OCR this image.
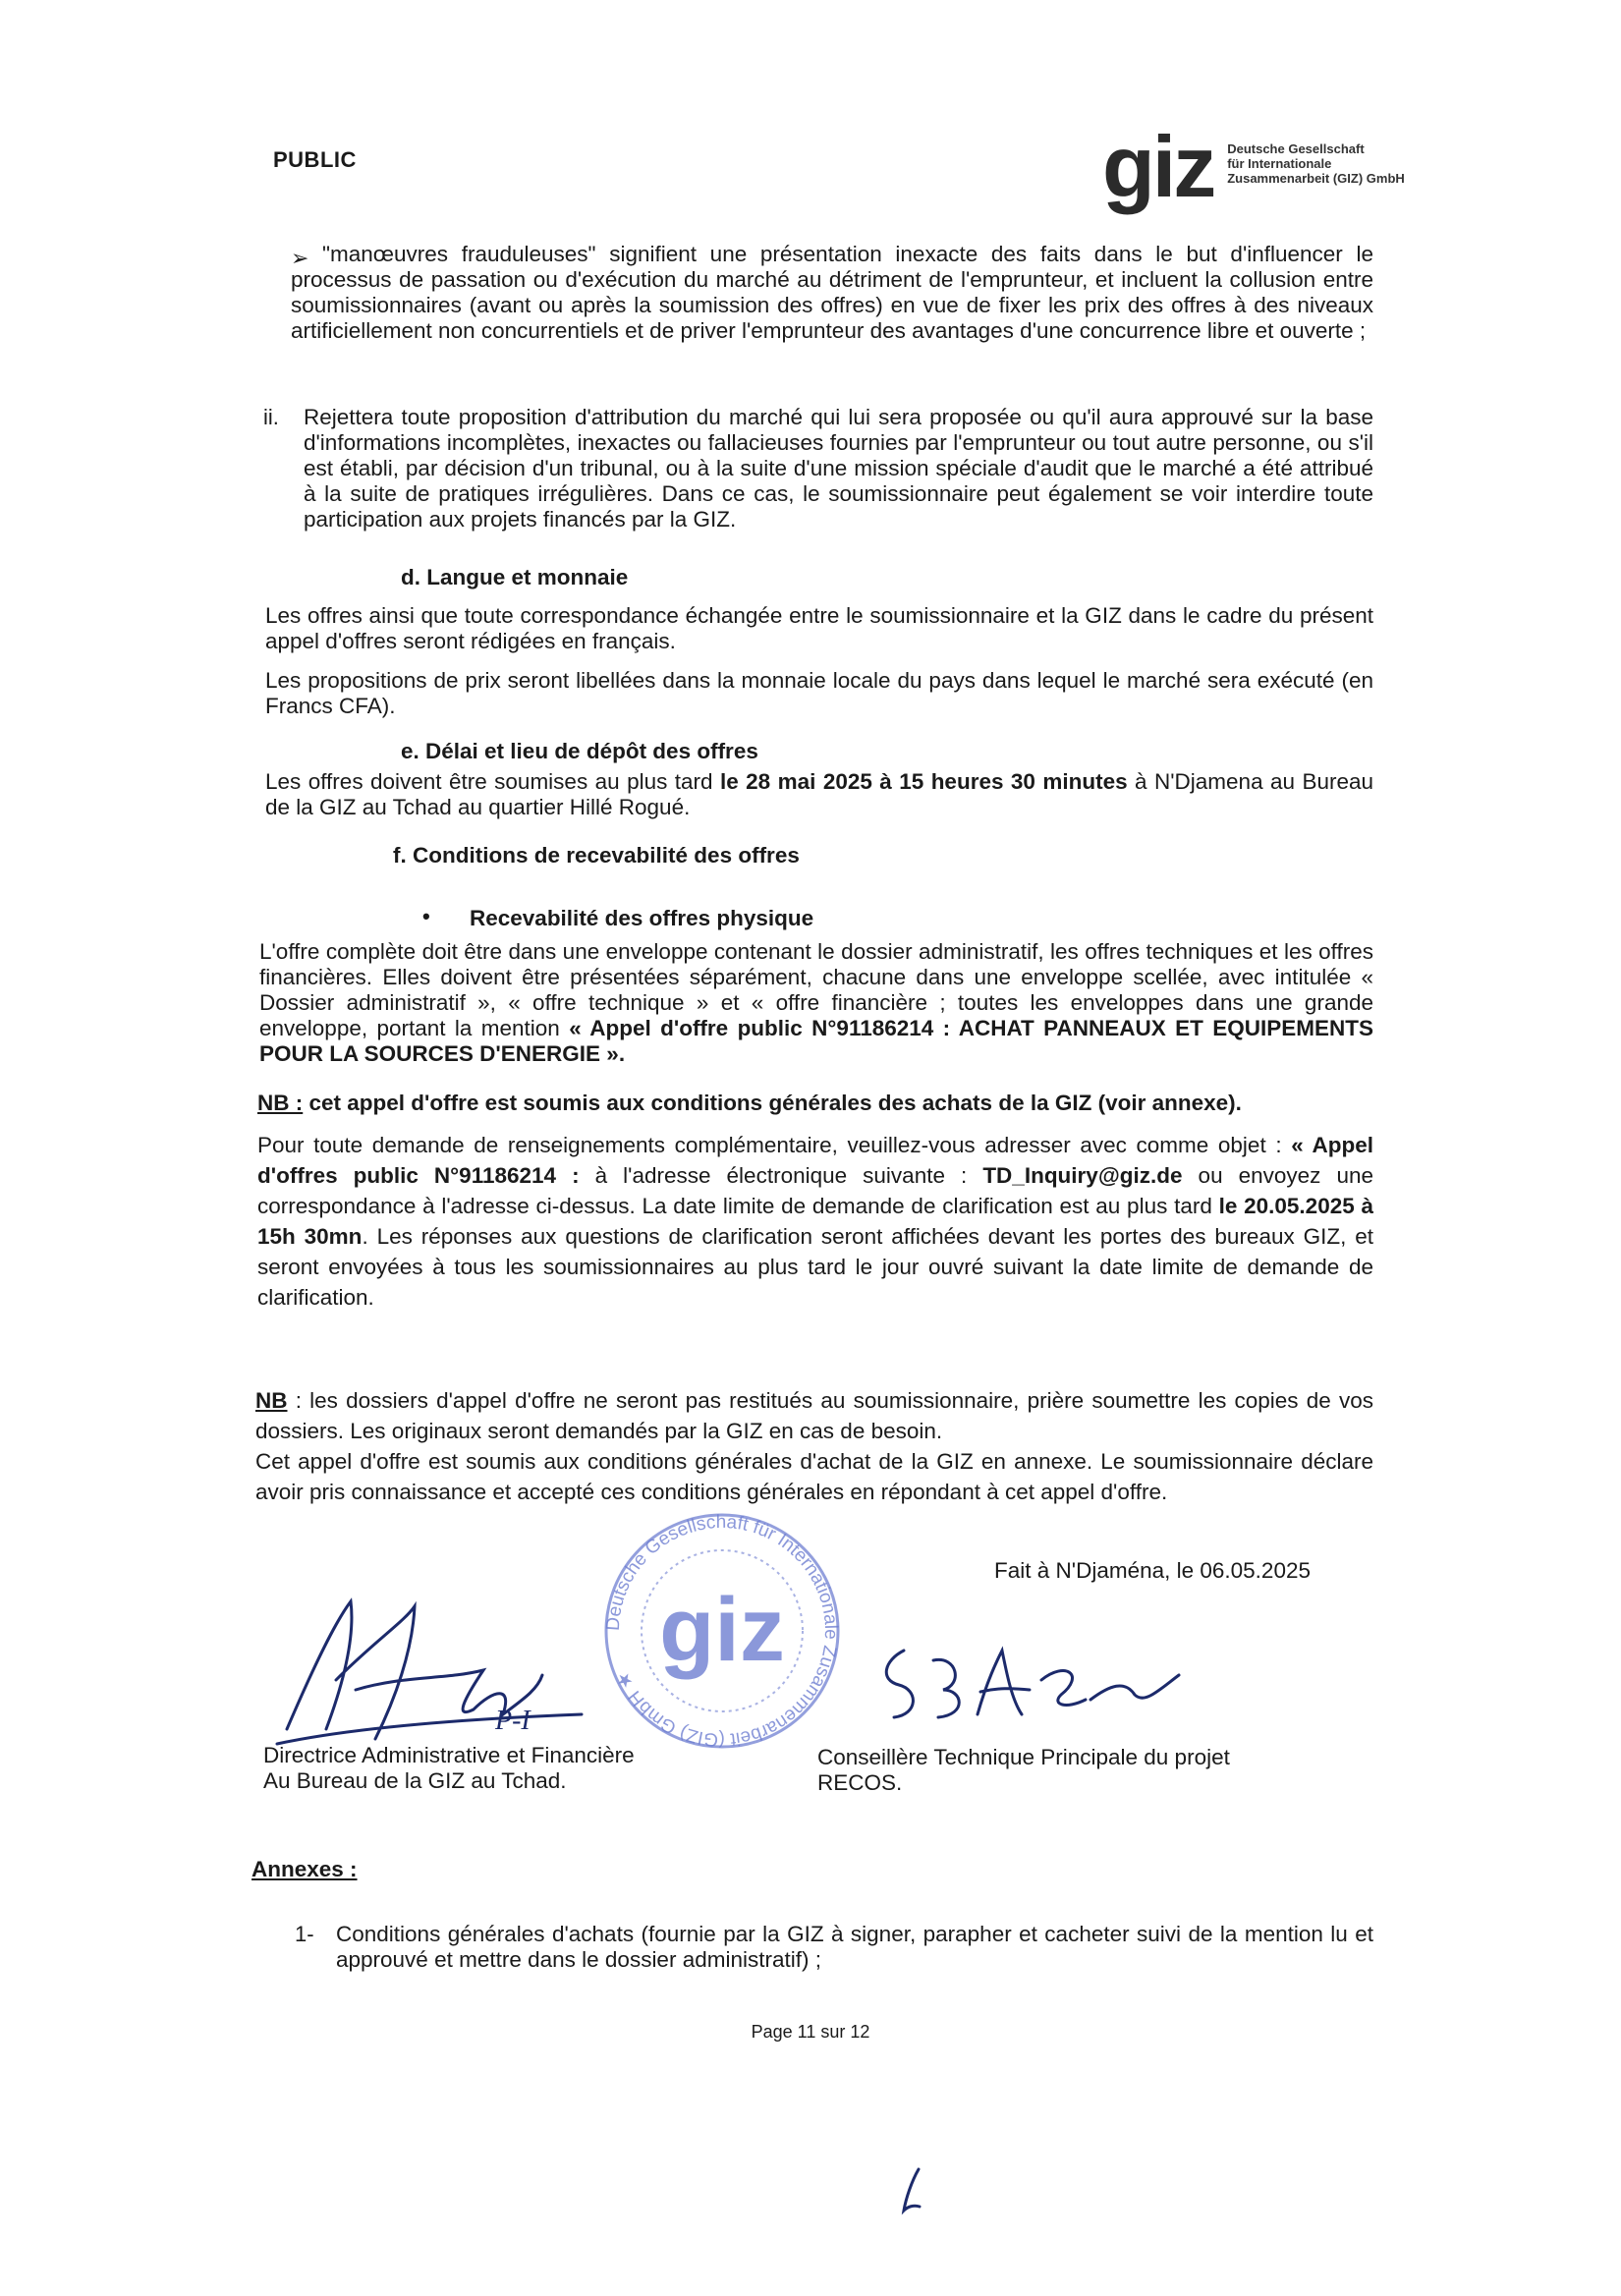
PUBLIC	giz Deutsche Gesellschaft
für Internationale
Zusammenarbeit (GIZ) GmbH
➢ "manœuvres frauduleuses" signifient une présentation inexacte des faits dans le but d'influencer le processus de passation ou d'exécution du marché au détriment de l'emprunteur, et incluent la collusion entre soumissionnaires (avant ou après la soumission des offres) en vue de fixer les prix des offres à des niveaux artificiellement non concurrentiels et de priver l'emprunteur des avantages d'une concurrence libre et ouverte ;
ii. Rejettera toute proposition d'attribution du marché qui lui sera proposée ou qu'il aura approuvé sur la base d'informations incomplètes, inexactes ou fallacieuses fournies par l'emprunteur ou tout autre personne, ou s'il est établi, par décision d'un tribunal, ou à la suite d'une mission spéciale d'audit que le marché a été attribué à la suite de pratiques irrégulières. Dans ce cas, le soumissionnaire peut également se voir interdire toute participation aux projets financés par la GIZ.
d. Langue et monnaie
Les offres ainsi que toute correspondance échangée entre le soumissionnaire et la GIZ dans le cadre du présent appel d'offres seront rédigées en français.
Les propositions de prix seront libellées dans la monnaie locale du pays dans lequel le marché sera exécuté (en Francs CFA).
e. Délai et lieu de dépôt des offres
Les offres doivent être soumises au plus tard le 28 mai 2025 à 15 heures 30 minutes à N'Djamena au Bureau de la GIZ au Tchad au quartier Hillé Rogué.
f. Conditions de recevabilité des offres
• Recevabilité des offres physique
L'offre complète doit être dans une enveloppe contenant le dossier administratif, les offres techniques et les offres financières. Elles doivent être présentées séparément, chacune dans une enveloppe scellée, avec intitulée « Dossier administratif », « offre technique » et « offre financière ; toutes les enveloppes dans une grande enveloppe, portant la mention « Appel d'offre public N°91186214 : ACHAT PANNEAUX ET EQUIPEMENTS POUR LA SOURCES D'ENERGIE ».
NB : cet appel d'offre est soumis aux conditions générales des achats de la GIZ (voir annexe).
Pour toute demande de renseignements complémentaire, veuillez-vous adresser avec comme objet : « Appel d'offres public N°91186214 : à l'adresse électronique suivante : TD_Inquiry@giz.de ou envoyez une correspondance à l'adresse ci-dessus. La date limite de demande de clarification est au plus tard le 20.05.2025 à 15h 30mn. Les réponses aux questions de clarification seront affichées devant les portes des bureaux GIZ, et seront envoyées à tous les soumissionnaires au plus tard le jour ouvré suivant la date limite de demande de clarification.
NB : les dossiers d'appel d'offre ne seront pas restitués au soumissionnaire, prière soumettre les copies de vos dossiers. Les originaux seront demandés par la GIZ en cas de besoin.
Cet appel d'offre est soumis aux conditions générales d'achat de la GIZ en annexe. Le soumissionnaire déclare avoir pris connaissance et accepté ces conditions générales en répondant à cet appel d'offre.
Fait à N'Djaména, le 06.05.2025
Deutsche Gesellschaft für Internationale Zusammenarbeit (GIZ) GmbH ★
giz
P-I
Directrice Administrative et Financière
Au Bureau de la GIZ au Tchad.
Conseillère Technique Principale du projet
RECOS.
Annexes :
1- Conditions générales d'achats (fournie par la GIZ à signer, parapher et cacheter suivi de la mention lu et approuvé et mettre dans le dossier administratif) ;
Page 11 sur 12
